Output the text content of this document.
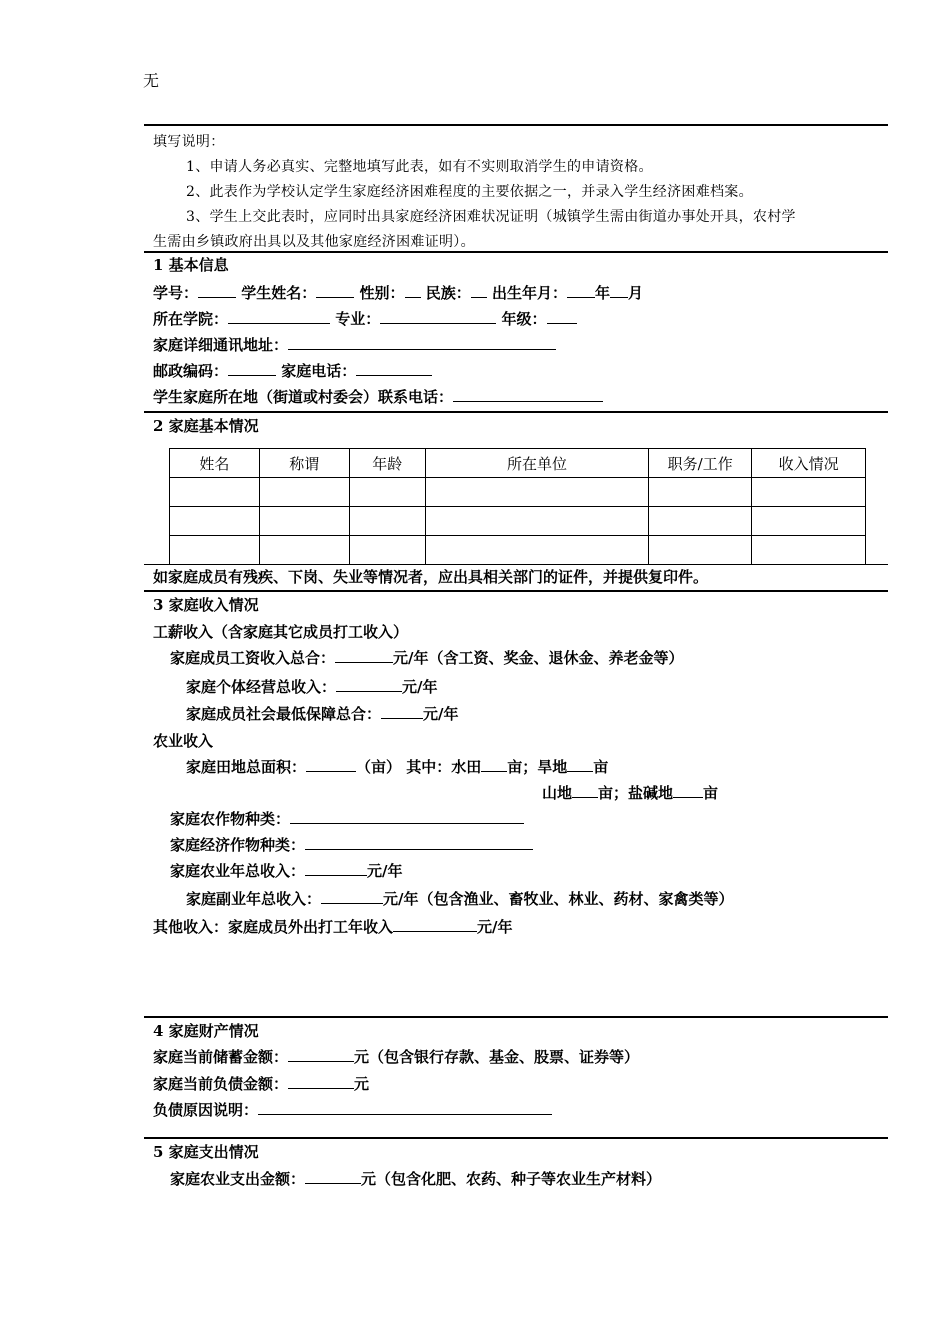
无
填写说明：
1、申请人务必真实、完整地填写此表，如有不实则取消学生的申请资格。
2、此表作为学校认定学生家庭经济困难程度的主要依据之一，并录入学生经济困难档案。
3、学生上交此表时，应同时出具家庭经济困难状况证明（城镇学生需由街道办事处开具，农村学
生需由乡镇政府出具以及其他家庭经济困难证明）。
1 基本信息
学号：	学生姓名：	性别： 民族： 出生年月： 年 月
所在学院：	专业：	年级：
家庭详细通讯地址：
邮政编码：	家庭电话：
学生家庭所在地（街道或村委会）联系电话：
2 家庭基本情况
姓名	称谓	年龄	所在单位	职务/工作	收入情况

如家庭成员有残疾、下岗、失业等情况者，应出具相关部门的证件，并提供复印件。
3 家庭收入情况
工薪收入（含家庭其它成员打工收入）
家庭成员工资收入总合：	元/年（含工资、奖金、退休金、养老金等）
家庭个体经营总收入：	元/年
家庭成员社会最低保障总合：	元/年
农业收入
家庭田地总面积：	（亩） 其中：水田 亩；旱地 亩
山地 亩；盐碱地 亩
家庭农作物种类：
家庭经济作物种类：
家庭农业年总收入：	元/年
家庭副业年总收入：	元/年（包含渔业、畜牧业、林业、药材、家禽类等）
其他收入：家庭成员外出打工年收入	元/年
4 家庭财产情况
家庭当前储蓄金额：	元（包含银行存款、基金、股票、证券等）
家庭当前负债金额：	元
负债原因说明：
5 家庭支出情况
家庭农业支出金额：	元（包含化肥、农药、种子等农业生产材料）
